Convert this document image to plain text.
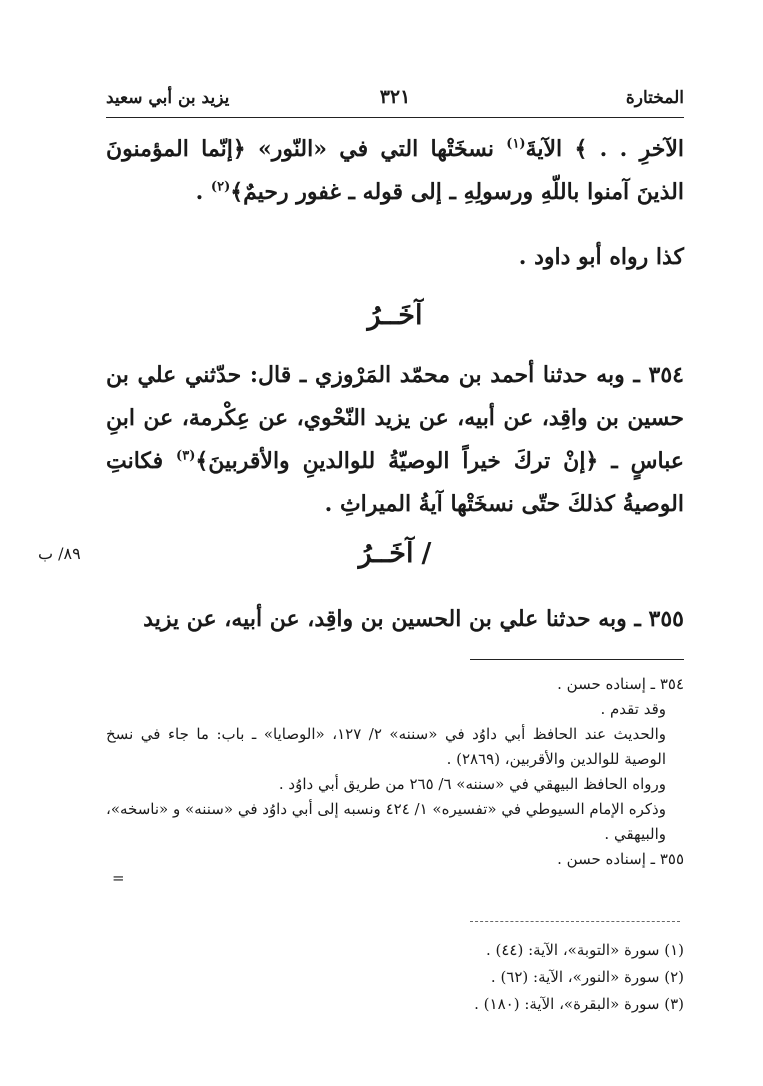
المختارة
٣٢١
يزيد بن أبي سعيد

الآخرِ . . ﴾ الآيةَ$^{(١)}$ نسخَتْها التي في «النّور» ﴿إنّما المؤمنونَ الذينَ آمنوا باللّهِ ورسولِهِ ـ إلى قوله ـ غفور رحيمٌ﴾$^{(٢)}$ .

كذا رواه أبو داود .

آخَــرُ

٣٥٤ ـ وبه حدثنا أحمد بن محمّد المَرْوزي ـ قال: حدّثني علي بن حسين بن واقِد، عن أبيه، عن يزيد النّحْوي، عن عِكْرمة، عن ابنِ عباسٍ ـ ﴿إنْ تركَ خيراً الوصيّةُ للوالدينِ والأقربينَ﴾$^{(٣)}$ فكانتِ الوصيةُ كذلكَ حتّى نسخَتْها آيةُ الميراثِ .

٨٩/ ب	/آخَــرُ

٣٥٥ ـ وبه حدثنا علي بن الحسين بن واقِد، عن أبيه، عن يزيد

٣٥٤ ـ إسناده حسن .

وقد تقدم .

والحديث عند الحافظ أبي داوُد في «سننه» ٢/ ١٢٧، «الوصايا» ـ باب: ما جاء في نسخ الوصية للوالدين والأقربين، (٢٨٦٩) .

ورواه الحافظ البيهقي في «سننه» ٦/ ٢٦٥ من طريق أبي داوُد .

وذكره الإمام السيوطي في «تفسيره» ١/ ٤٢٤ ونسبه إلى أبي داوُد في «سننه» و «ناسخه»، والبيهقي .

٣٥٥ ـ إسناده حسن .

=

(١) سورة «التوبة»، الآية: (٤٤) .

(٢) سورة «النور»، الآية: (٦٢) .

(٣) سورة «البقرة»، الآية: (١٨٠) .
